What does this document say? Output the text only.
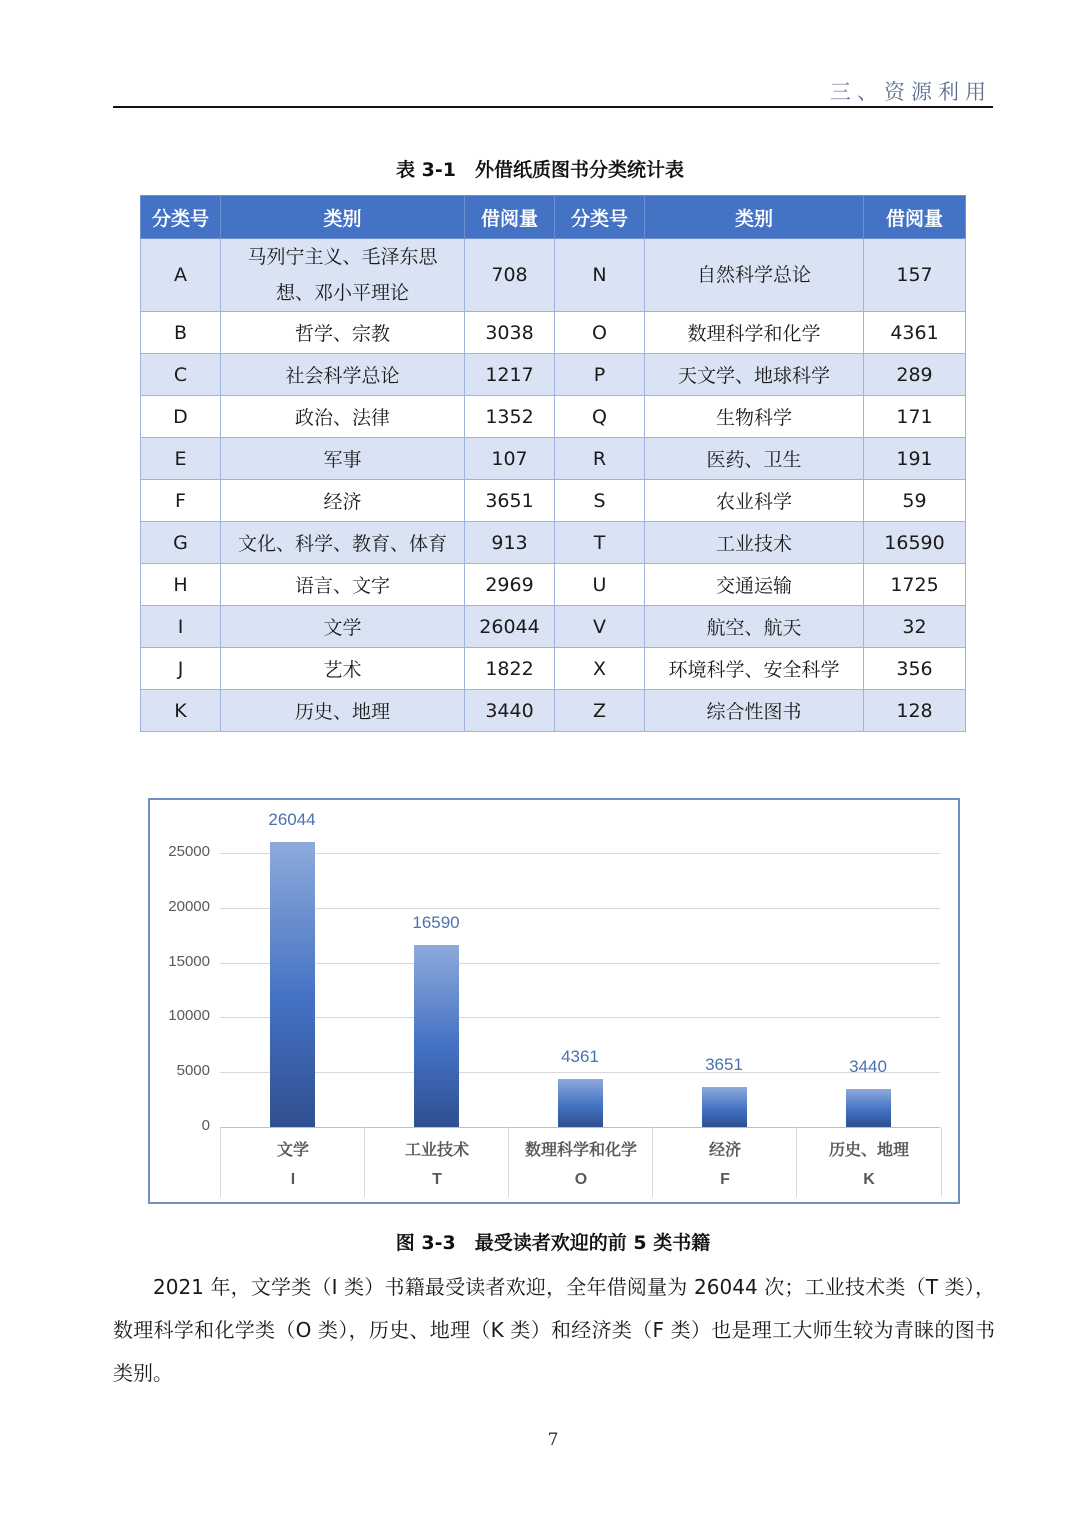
三、资源利用
表 3-1　外借纸质图书分类统计表
分类号	类别	借阅量	分类号	类别	借阅量
A	马列宁主义、毛泽东思想、邓小平理论	708	N	自然科学总论	157
B	哲学、宗教	3038	O	数理科学和化学	4361
C	社会科学总论	1217	P	天文学、地球科学	289
D	政治、法律	1352	Q	生物科学	171
E	军事	107	R	医药、卫生	191
F	经济	3651	S	农业科学	59
G	文化、科学、教育、体育	913	T	工业技术	16590
H	语言、文字	2969	U	交通运输	1725
I	文学	26044	V	航空、航天	32
J	艺术	1822	X	环境科学、安全科学	356
K	历史、地理	3440	Z	综合性图书	128
0
5000
10000
15000
20000
25000
26044
文学
I
16590
工业技术
T
4361
数理科学和化学
O
3651
经济
F
3440
历史、地理
K
图 3-3　最受读者欢迎的前 5 类书籍
2021 年，文学类（I 类）书籍最受读者欢迎，全年借阅量为 26044 次；工业技术类（T 类），数理科学和化学类（O 类），历史、地理（K 类）和经济类（F 类）也是理工大师生较为青睐的图书类别。
7
